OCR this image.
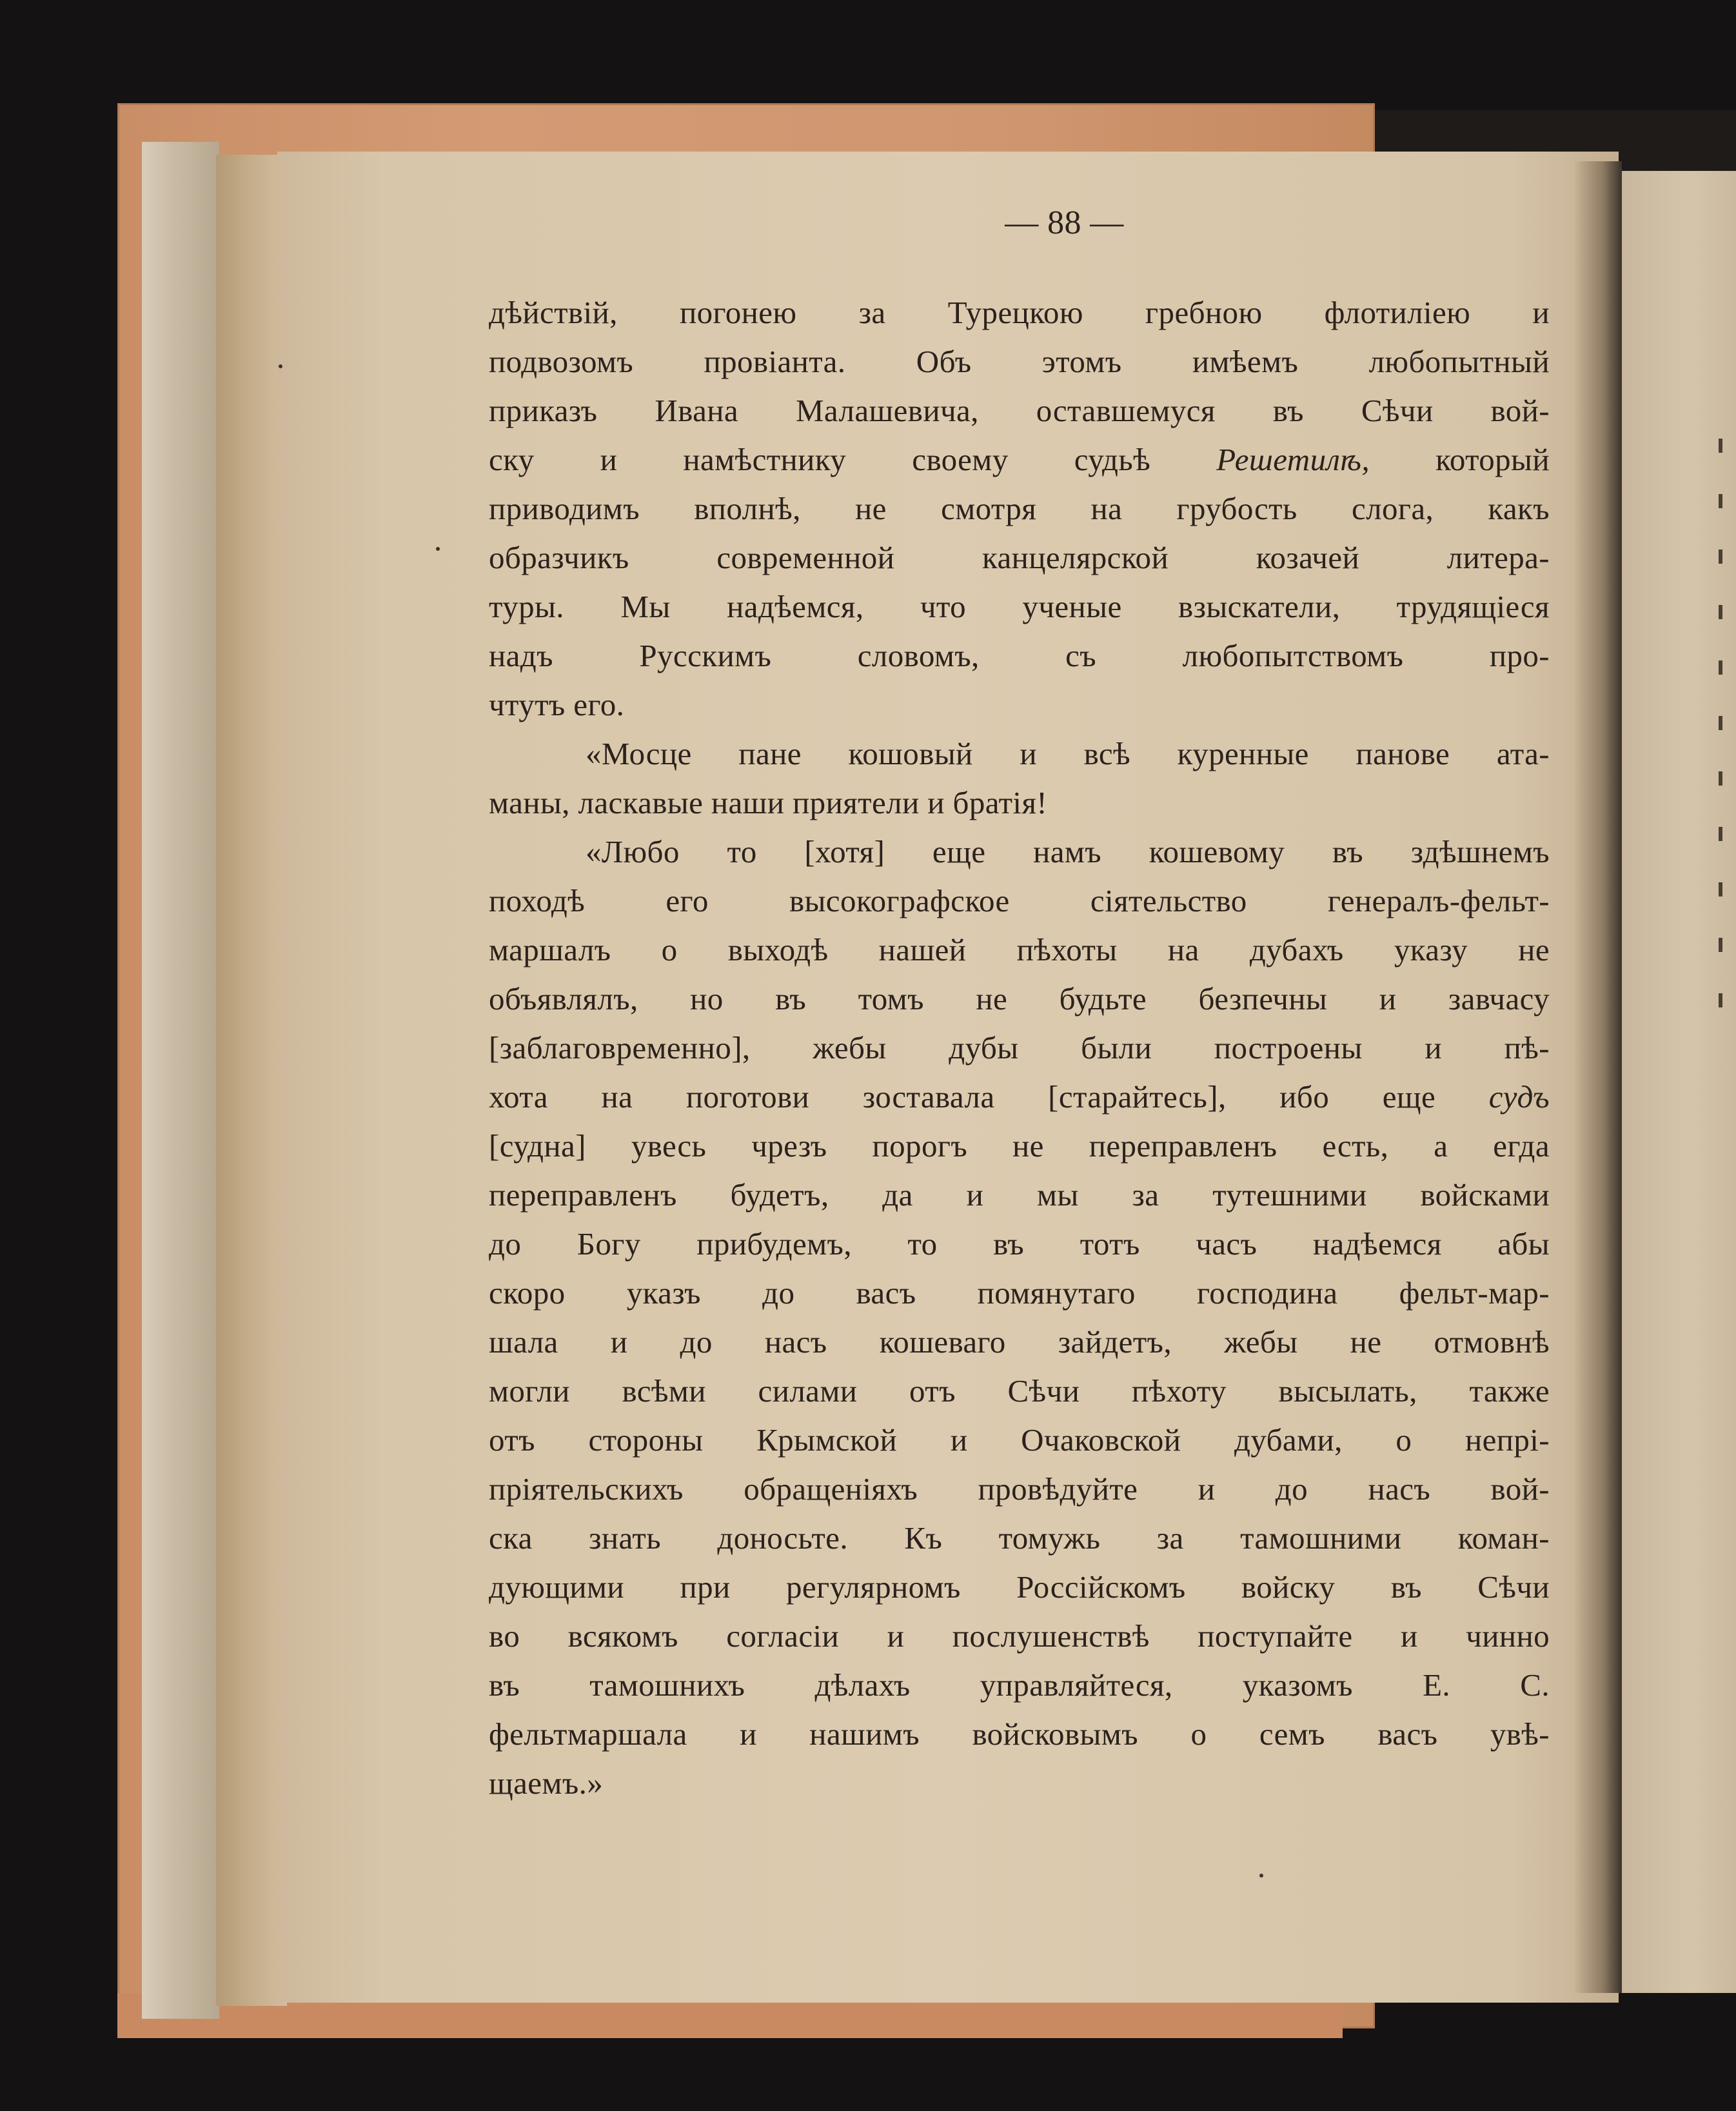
— 88 —
дѣйствій, погонею за Турецкою гребною флотиліею и
подвозомъ провіанта. Объ этомъ имѣемъ любопытный
приказъ Ивана Малашевича, оставшемуся въ Сѣчи вой-
ску и намѣстнику своему судьѣ Решетилѣ, который
приводимъ вполнѣ, не смотря на грубость слога, какъ
образчикъ современной канцелярской козачей литера-
туры. Мы надѣемся, что ученые взыскатели, трудящіеся
надъ Русскимъ словомъ, съ любопытствомъ про-
чтутъ его.
«Мосце пане кошовый и всѣ куренные панове ата-
маны, ласкавые наши приятели и братія!
«Любо то [хотя] еще намъ кошевому въ здѣшнемъ
походѣ его высокографское сіятельство генералъ-фельт-
маршалъ о выходѣ нашей пѣхоты на дубахъ указу не
объявлялъ, но въ томъ не будьте безпечны и завчасу
[заблаговременно], жебы дубы были построены и пѣ-
хота на поготови зоставала [старайтесь], ибо еще судъ
[судна] увесь чрезъ порогъ не переправленъ есть, а егда
переправленъ будетъ, да и мы за тутешними войсками
до Богу прибудемъ, то въ тотъ часъ надѣемся абы
скоро указъ до васъ помянутаго господина фельт-мар-
шала и до насъ кошеваго зайдетъ, жебы не отмовнѣ
могли всѣми силами отъ Сѣчи пѣхоту высылать, также
отъ стороны Крымской и Очаковской дубами, о непрі-
пріятельскихъ обращеніяхъ провѣдуйте и до насъ вой-
ска знать доносьте. Къ томужь за тамошними коман-
дующими при регулярномъ Россійскомъ войску въ Сѣчи
во всякомъ согласіи и послушенствѣ поступайте и чинно
въ тамошнихъ дѣлахъ управляйтеся, указомъ Е. С.
фельтмаршала и нашимъ войсковымъ о семъ васъ увѣ-
щаемъ.»
